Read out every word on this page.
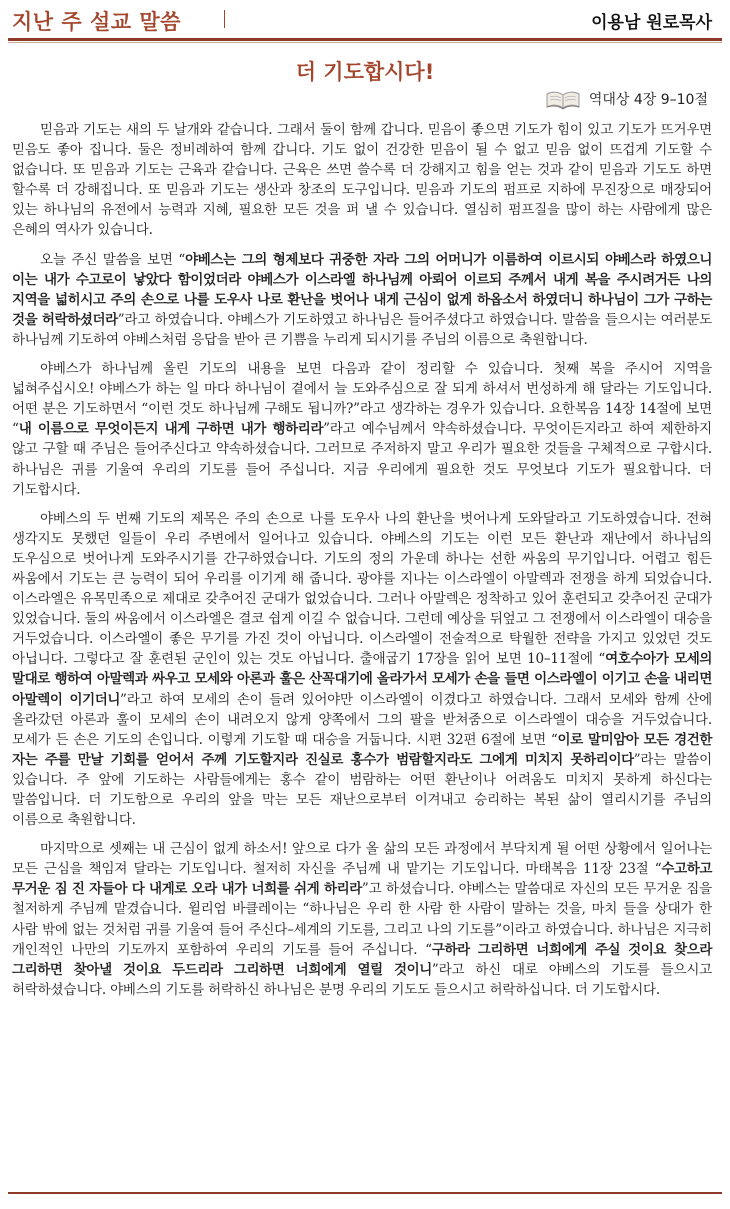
지난 주 설교 말씀	이용남 원로목사
더 기도합시다!
역대상 4장 9–10절

믿음과 기도는 새의 두 날개와 같습니다. 그래서 둘이 함께 갑니다. 믿음이 좋으면 기도가 힘이 있고 기도가 뜨거우면 믿음도 좋아 집니다. 둘은 정비례하여 함께 갑니다. 기도 없이 건강한 믿음이 될 수 없고 믿음 없이 뜨겁게 기도할 수 없습니다. 또 믿음과 기도는 근육과 같습니다. 근육은 쓰면 쓸수록 더 강해지고 힘을 얻는 것과 같이 믿음과 기도도 하면 할수록 더 강해집니다. 또 믿음과 기도는 생산과 창조의 도구입니다. 믿음과 기도의 펌프로 지하에 무진장으로 매장되어 있는 하나님의 유전에서 능력과 지혜, 필요한 모든 것을 퍼 낼 수 있습니다. 열심히 펌프질을 많이 하는 사람에게 많은 은혜의 역사가 있습니다.

오늘 주신 말씀을 보면 “야베스는 그의 형제보다 귀중한 자라 그의 어머니가 이름하여 이르시되 야베스라 하였으니 이는 내가 수고로이 낳았다 함이었더라 야베스가 이스라엘 하나님께 아뢰어 이르되 주께서 내게 복을 주시려거든 나의 지역을 넓히시고 주의 손으로 나를 도우사 나로 환난을 벗어나 내게 근심이 없게 하옵소서 하였더니 하나님이 그가 구하는 것을 허락하셨더라”라고 하였습니다. 야베스가 기도하였고 하나님은 들어주셨다고 하였습니다. 말씀을 들으시는 여러분도 하나님께 기도하여 야베스처럼 응답을 받아 큰 기쁨을 누리게 되시기를 주님의 이름으로 축원합니다.

야베스가 하나님께 올린 기도의 내용을 보면 다음과 같이 정리할 수 있습니다. 첫째 복을 주시어 지역을 넓혀주십시오! 야베스가 하는 일 마다 하나님이 곁에서 늘 도와주심으로 잘 되게 하셔서 번성하게 해 달라는 기도입니다. 어떤 분은 기도하면서 “이런 것도 하나님께 구해도 됩니까?”라고 생각하는 경우가 있습니다. 요한복음 14장 14절에 보면 “내 이름으로 무엇이든지 내게 구하면 내가 행하리라”라고 예수님께서 약속하셨습니다. 무엇이든지라고 하여 제한하지 않고 구할 때 주님은 들어주신다고 약속하셨습니다. 그러므로 주저하지 말고 우리가 필요한 것들을 구체적으로 구합시다. 하나님은 귀를 기울여 우리의 기도를 들어 주십니다. 지금 우리에게 필요한 것도 무엇보다 기도가 필요합니다. 더 기도합시다.

야베스의 두 번째 기도의 제목은 주의 손으로 나를 도우사 나의 환난을 벗어나게 도와달라고 기도하였습니다. 전혀 생각지도 못했던 일들이 우리 주변에서 일어나고 있습니다. 야베스의 기도는 이런 모든 환난과 재난에서 하나님의 도우심으로 벗어나게 도와주시기를 간구하였습니다. 기도의 정의 가운데 하나는 선한 싸움의 무기입니다. 어렵고 힘든 싸움에서 기도는 큰 능력이 되어 우리를 이기게 해 줍니다. 광야를 지나는 이스라엘이 아말렉과 전쟁을 하게 되었습니다. 이스라엘은 유목민족으로 제대로 갖추어진 군대가 없었습니다. 그러나 아말렉은 정착하고 있어 훈련되고 갖추어진 군대가 있었습니다. 둘의 싸움에서 이스라엘은 결코 쉽게 이길 수 없습니다. 그런데 예상을 뒤엎고 그 전쟁에서 이스라엘이 대승을 거두었습니다. 이스라엘이 좋은 무기를 가진 것이 아닙니다. 이스라엘이 전술적으로 탁월한 전략을 가지고 있었던 것도 아닙니다. 그렇다고 잘 훈련된 군인이 있는 것도 아닙니다. 출애굽기 17장을 읽어 보면 10–11절에 “여호수아가 모세의 말대로 행하여 아말렉과 싸우고 모세와 아론과 훌은 산꼭대기에 올라가서 모세가 손을 들면 이스라엘이 이기고 손을 내리면 아말렉이 이기더니”라고 하여 모세의 손이 들려 있어야만 이스라엘이 이겼다고 하였습니다. 그래서 모세와 함께 산에 올라갔던 아론과 훌이 모세의 손이 내려오지 않게 양쪽에서 그의 팔을 받쳐줌으로 이스라엘이 대승을 거두었습니다. 모세가 든 손은 기도의 손입니다. 이렇게 기도할 때 대승을 거둡니다. 시편 32편 6절에 보면 “이로 말미암아 모든 경건한 자는 주를 만날 기회를 얻어서 주께 기도할지라 진실로 홍수가 범람할지라도 그에게 미치지 못하리이다”라는 말씀이 있습니다. 주 앞에 기도하는 사람들에게는 홍수 같이 범람하는 어떤 환난이나 어려움도 미치지 못하게 하신다는 말씀입니다. 더 기도함으로 우리의 앞을 막는 모든 재난으로부터 이겨내고 승리하는 복된 삶이 열리시기를 주님의 이름으로 축원합니다.

마지막으로 셋째는 내 근심이 없게 하소서! 앞으로 다가 올 삶의 모든 과정에서 부닥치게 될 어떤 상황에서 일어나는 모든 근심을 책임져 달라는 기도입니다. 철저히 자신을 주님께 내 맡기는 기도입니다. 마태복음 11장 23절 “수고하고 무거운 짐 진 자들아 다 내게로 오라 내가 너희를 쉬게 하리라”고 하셨습니다. 야베스는 말씀대로 자신의 모든 무거운 짐을 철저하게 주님께 맡겼습니다. 윌리엄 바클레이는 “하나님은 우리 한 사람 한 사람이 말하는 것을, 마치 들을 상대가 한 사람 밖에 없는 것처럼 귀를 기울여 들어 주신다–세계의 기도를, 그리고 나의 기도를”이라고 하였습니다. 하나님은 지극히 개인적인 나만의 기도까지 포함하여 우리의 기도를 들어 주십니다. “구하라 그리하면 너희에게 주실 것이요 찾으라 그리하면 찾아낼 것이요 두드리라 그리하면 너희에게 열릴 것이니”라고 하신 대로 야베스의 기도를 들으시고 허락하셨습니다. 야베스의 기도를 허락하신 하나님은 분명 우리의 기도도 들으시고 허락하십니다. 더 기도합시다.
